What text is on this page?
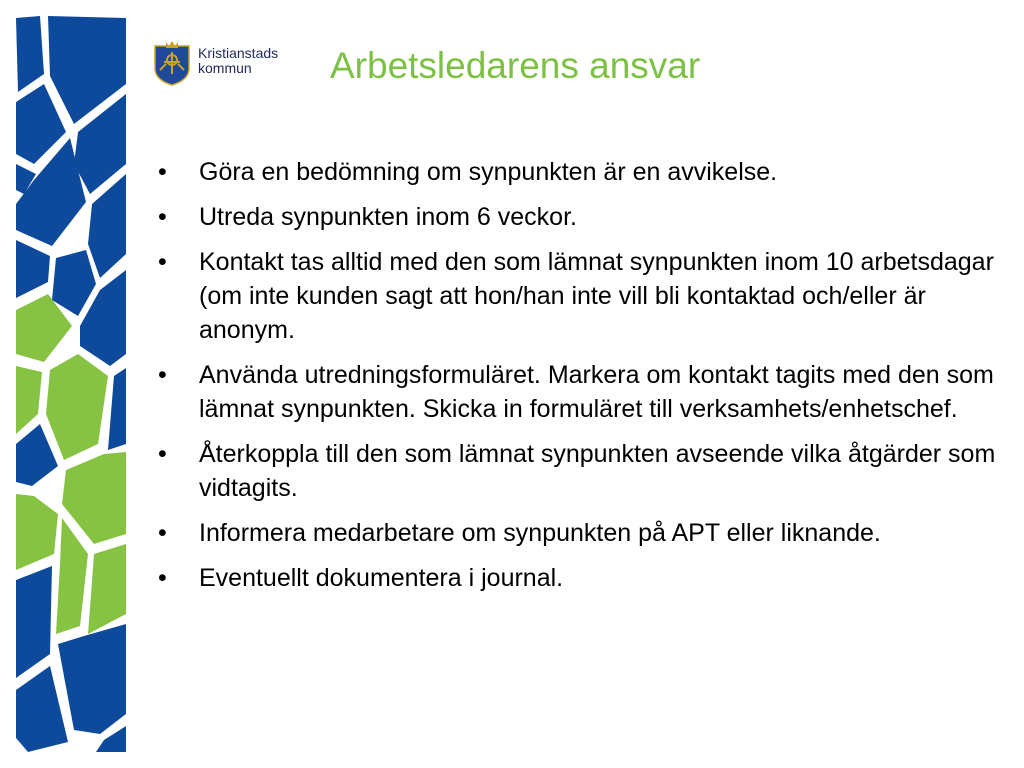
Kristianstads
kommun	Arbetsledarens ansvar
• Göra en bedömning om synpunkten är en avvikelse.
• Utreda synpunkten inom 6 veckor.
• Kontakt tas alltid med den som lämnat synpunkten inom 10 arbetsdagar (om inte kunden sagt att hon/han inte vill bli kontaktad och/eller är anonym.
• Använda utredningsformuläret. Markera om kontakt tagits med den som lämnat synpunkten. Skicka in formuläret till verksamhets/enhetschef.
• Återkoppla till den som lämnat synpunkten avseende vilka åtgärder som vidtagits.
• Informera medarbetare om synpunkten på APT eller liknande.
• Eventuellt dokumentera i journal.
